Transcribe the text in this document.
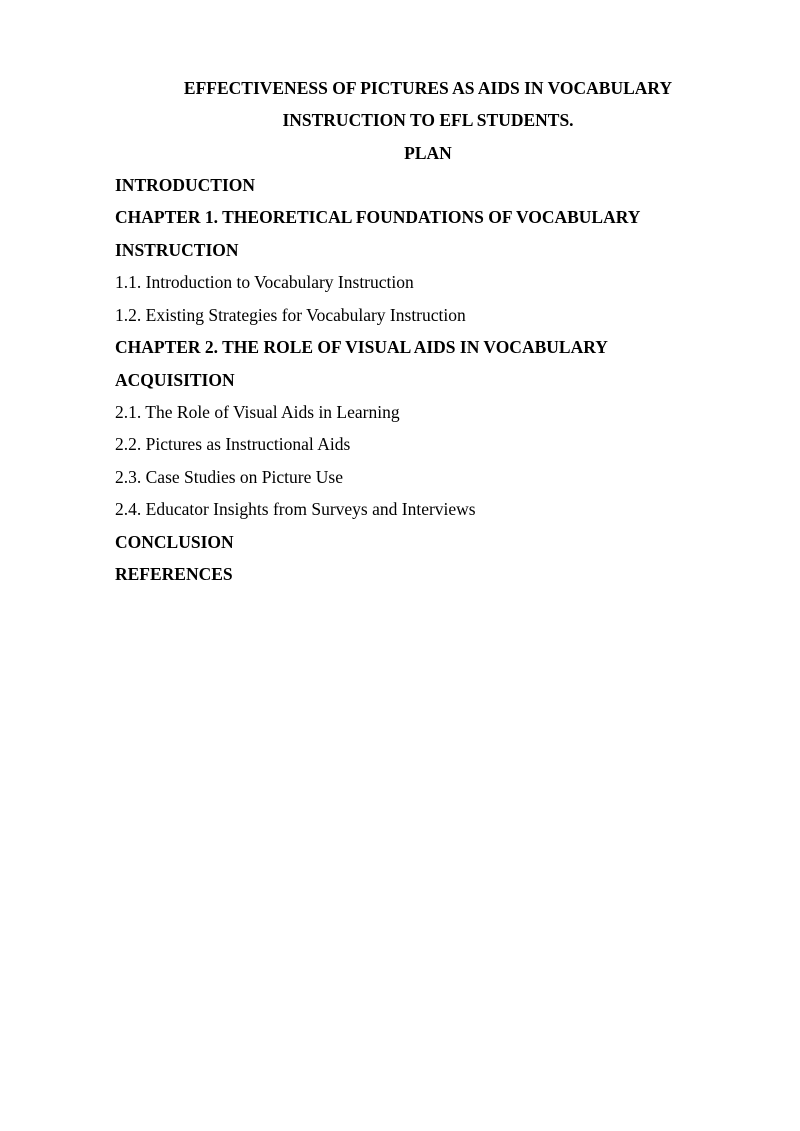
EFFECTIVENESS OF PICTURES AS AIDS IN VOCABULARY
INSTRUCTION TO EFL STUDENTS.
PLAN
INTRODUCTION
CHAPTER 1. THEORETICAL FOUNDATIONS OF VOCABULARY
INSTRUCTION
1.1. Introduction to Vocabulary Instruction
1.2. Existing Strategies for Vocabulary Instruction
CHAPTER 2. THE ROLE OF VISUAL AIDS IN VOCABULARY
ACQUISITION
2.1. The Role of Visual Aids in Learning
2.2. Pictures as Instructional Aids
2.3. Case Studies on Picture Use
2.4. Educator Insights from Surveys and Interviews
CONCLUSION
REFERENCES
